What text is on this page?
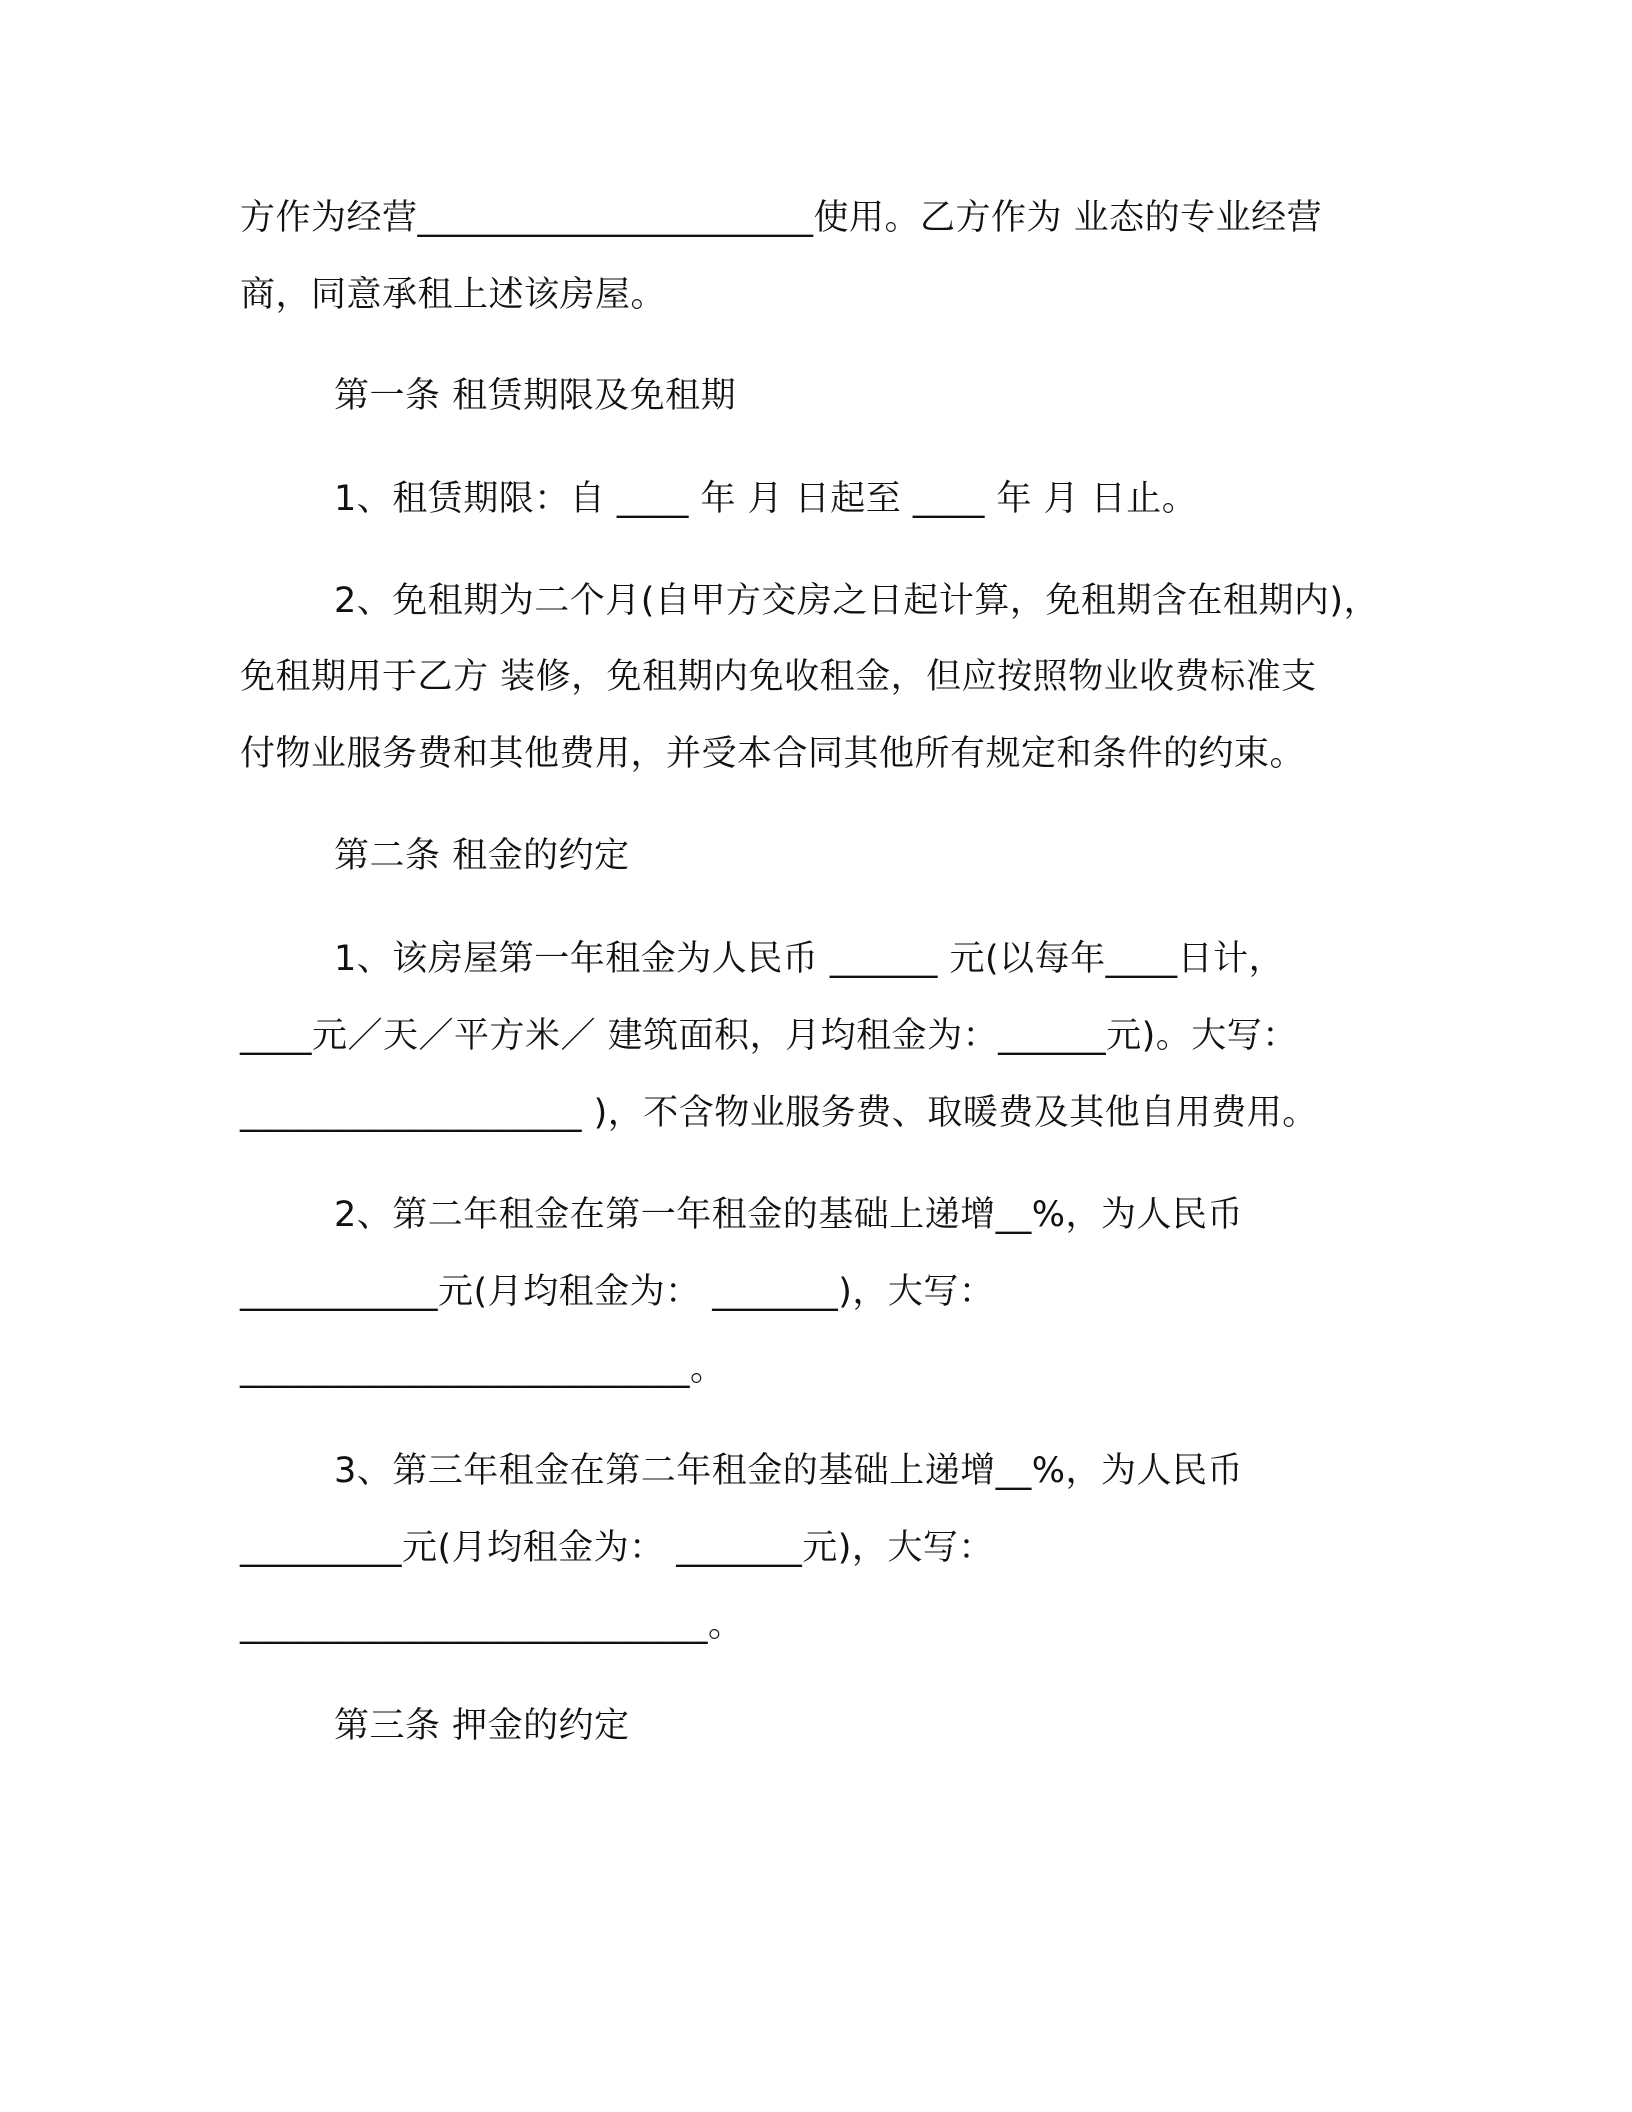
方作为经营______________________使用。乙方作为 业态的专业经营

商，同意承租上述该房屋。

第一条 租赁期限及免租期

1、租赁期限：自 ____ 年 月 日起至 ____ 年 月 日止。

2、免租期为二个月(自甲方交房之日起计算，免租期含在租期内)，

免租期用于乙方 装修，免租期内免收租金，但应按照物业收费标准支

付物业服务费和其他费用，并受本合同其他所有规定和条件的约束。

第二条 租金的约定

1、该房屋第一年租金为人民币 ______ 元(以每年____日计，

____元／天／平方米／ 建筑面积，月均租金为：______元)。大写：

___________________ )，不含物业服务费、取暖费及其他自用费用。

2、第二年租金在第一年租金的基础上递增__%，为人民币

___________元(月均租金为： _______)，大写：

_________________________。

3、第三年租金在第二年租金的基础上递增__%，为人民币

_________元(月均租金为： _______元)，大写：

__________________________。

第三条 押金的约定
